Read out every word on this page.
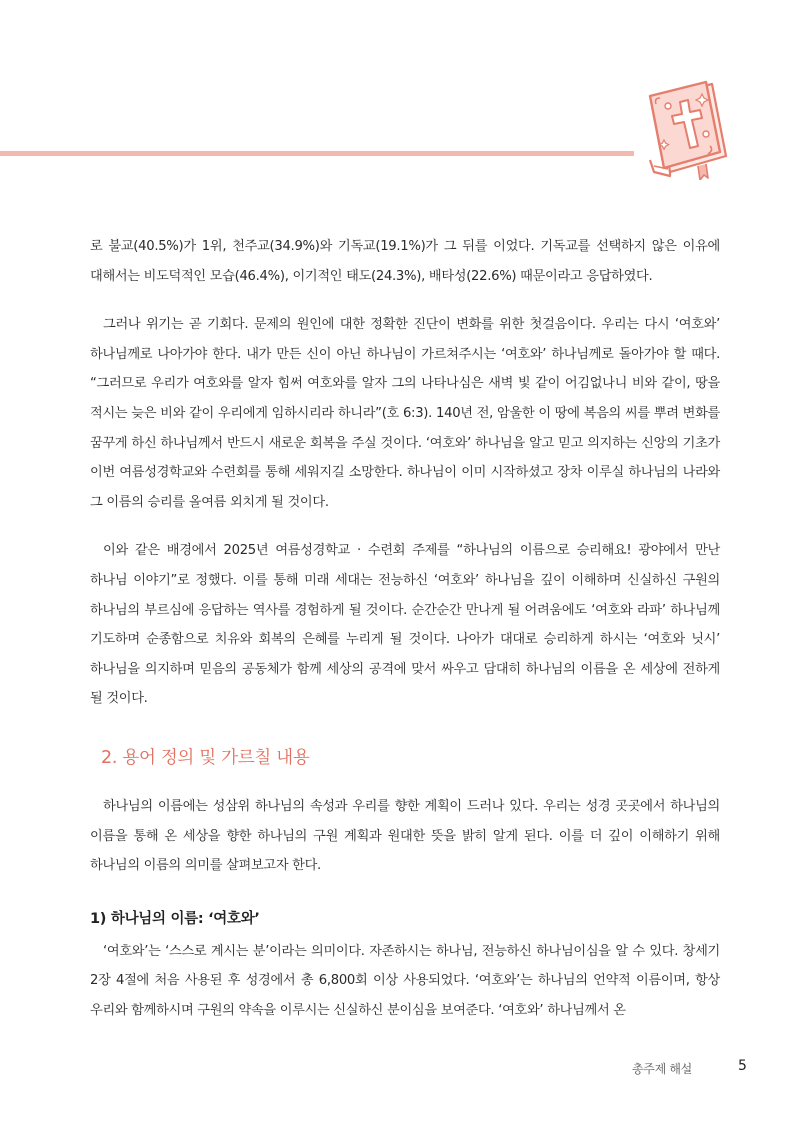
로 불교(40.5%)가 1위, 천주교(34.9%)와 기독교(19.1%)가 그 뒤를 이었다. 기독교를 선택하지 않은 이유에 대해서는 비도덕적인 모습(46.4%), 이기적인 태도(24.3%), 배타성(22.6%) 때문이라고 응답하였다.

그러나 위기는 곧 기회다. 문제의 원인에 대한 정확한 진단이 변화를 위한 첫걸음이다. 우리는 다시 ‘여호와’ 하나님께로 나아가야 한다. 내가 만든 신이 아닌 하나님이 가르쳐주시는 ‘여호와’ 하나님께로 돌아가야 할 때다. “그러므로 우리가 여호와를 알자 힘써 여호와를 알자 그의 나타나심은 새벽 빛 같이 어김없나니 비와 같이, 땅을 적시는 늦은 비와 같이 우리에게 임하시리라 하니라”(호 6:3). 140년 전, 암울한 이 땅에 복음의 씨를 뿌려 변화를 꿈꾸게 하신 하나님께서 반드시 새로운 회복을 주실 것이다. ‘여호와’ 하나님을 알고 믿고 의지하는 신앙의 기초가 이번 여름성경학교와 수련회를 통해 세워지길 소망한다. 하나님이 이미 시작하셨고 장차 이루실 하나님의 나라와 그 이름의 승리를 올여름 외치게 될 것이다.

이와 같은 배경에서 2025년 여름성경학교 · 수련회 주제를 “하나님의 이름으로 승리해요! 광야에서 만난 하나님 이야기”로 정했다. 이를 통해 미래 세대는 전능하신 ‘여호와’ 하나님을 깊이 이해하며 신실하신 구원의 하나님의 부르심에 응답하는 역사를 경험하게 될 것이다. 순간순간 만나게 될 어려움에도 ‘여호와 라파’ 하나님께 기도하며 순종함으로 치유와 회복의 은혜를 누리게 될 것이다. 나아가 대대로 승리하게 하시는 ‘여호와 닛시’ 하나님을 의지하며 믿음의 공동체가 함께 세상의 공격에 맞서 싸우고 담대히 하나님의 이름을 온 세상에 전하게 될 것이다.

2. 용어 정의 및 가르칠 내용

하나님의 이름에는 성삼위 하나님의 속성과 우리를 향한 계획이 드러나 있다. 우리는 성경 곳곳에서 하나님의 이름을 통해 온 세상을 향한 하나님의 구원 계획과 원대한 뜻을 밝히 알게 된다. 이를 더 깊이 이해하기 위해 하나님의 이름의 의미를 살펴보고자 한다.

1) 하나님의 이름: ‘여호와’

‘여호와’는 ‘스스로 계시는 분’이라는 의미이다. 자존하시는 하나님, 전능하신 하나님이심을 알 수 있다. 창세기 2장 4절에 처음 사용된 후 성경에서 총 6,800회 이상 사용되었다. ‘여호와’는 하나님의 언약적 이름이며, 항상 우리와 함께하시며 구원의 약속을 이루시는 신실하신 분이심을 보여준다. ‘여호와’ 하나님께서 온

총주제 해설	5
